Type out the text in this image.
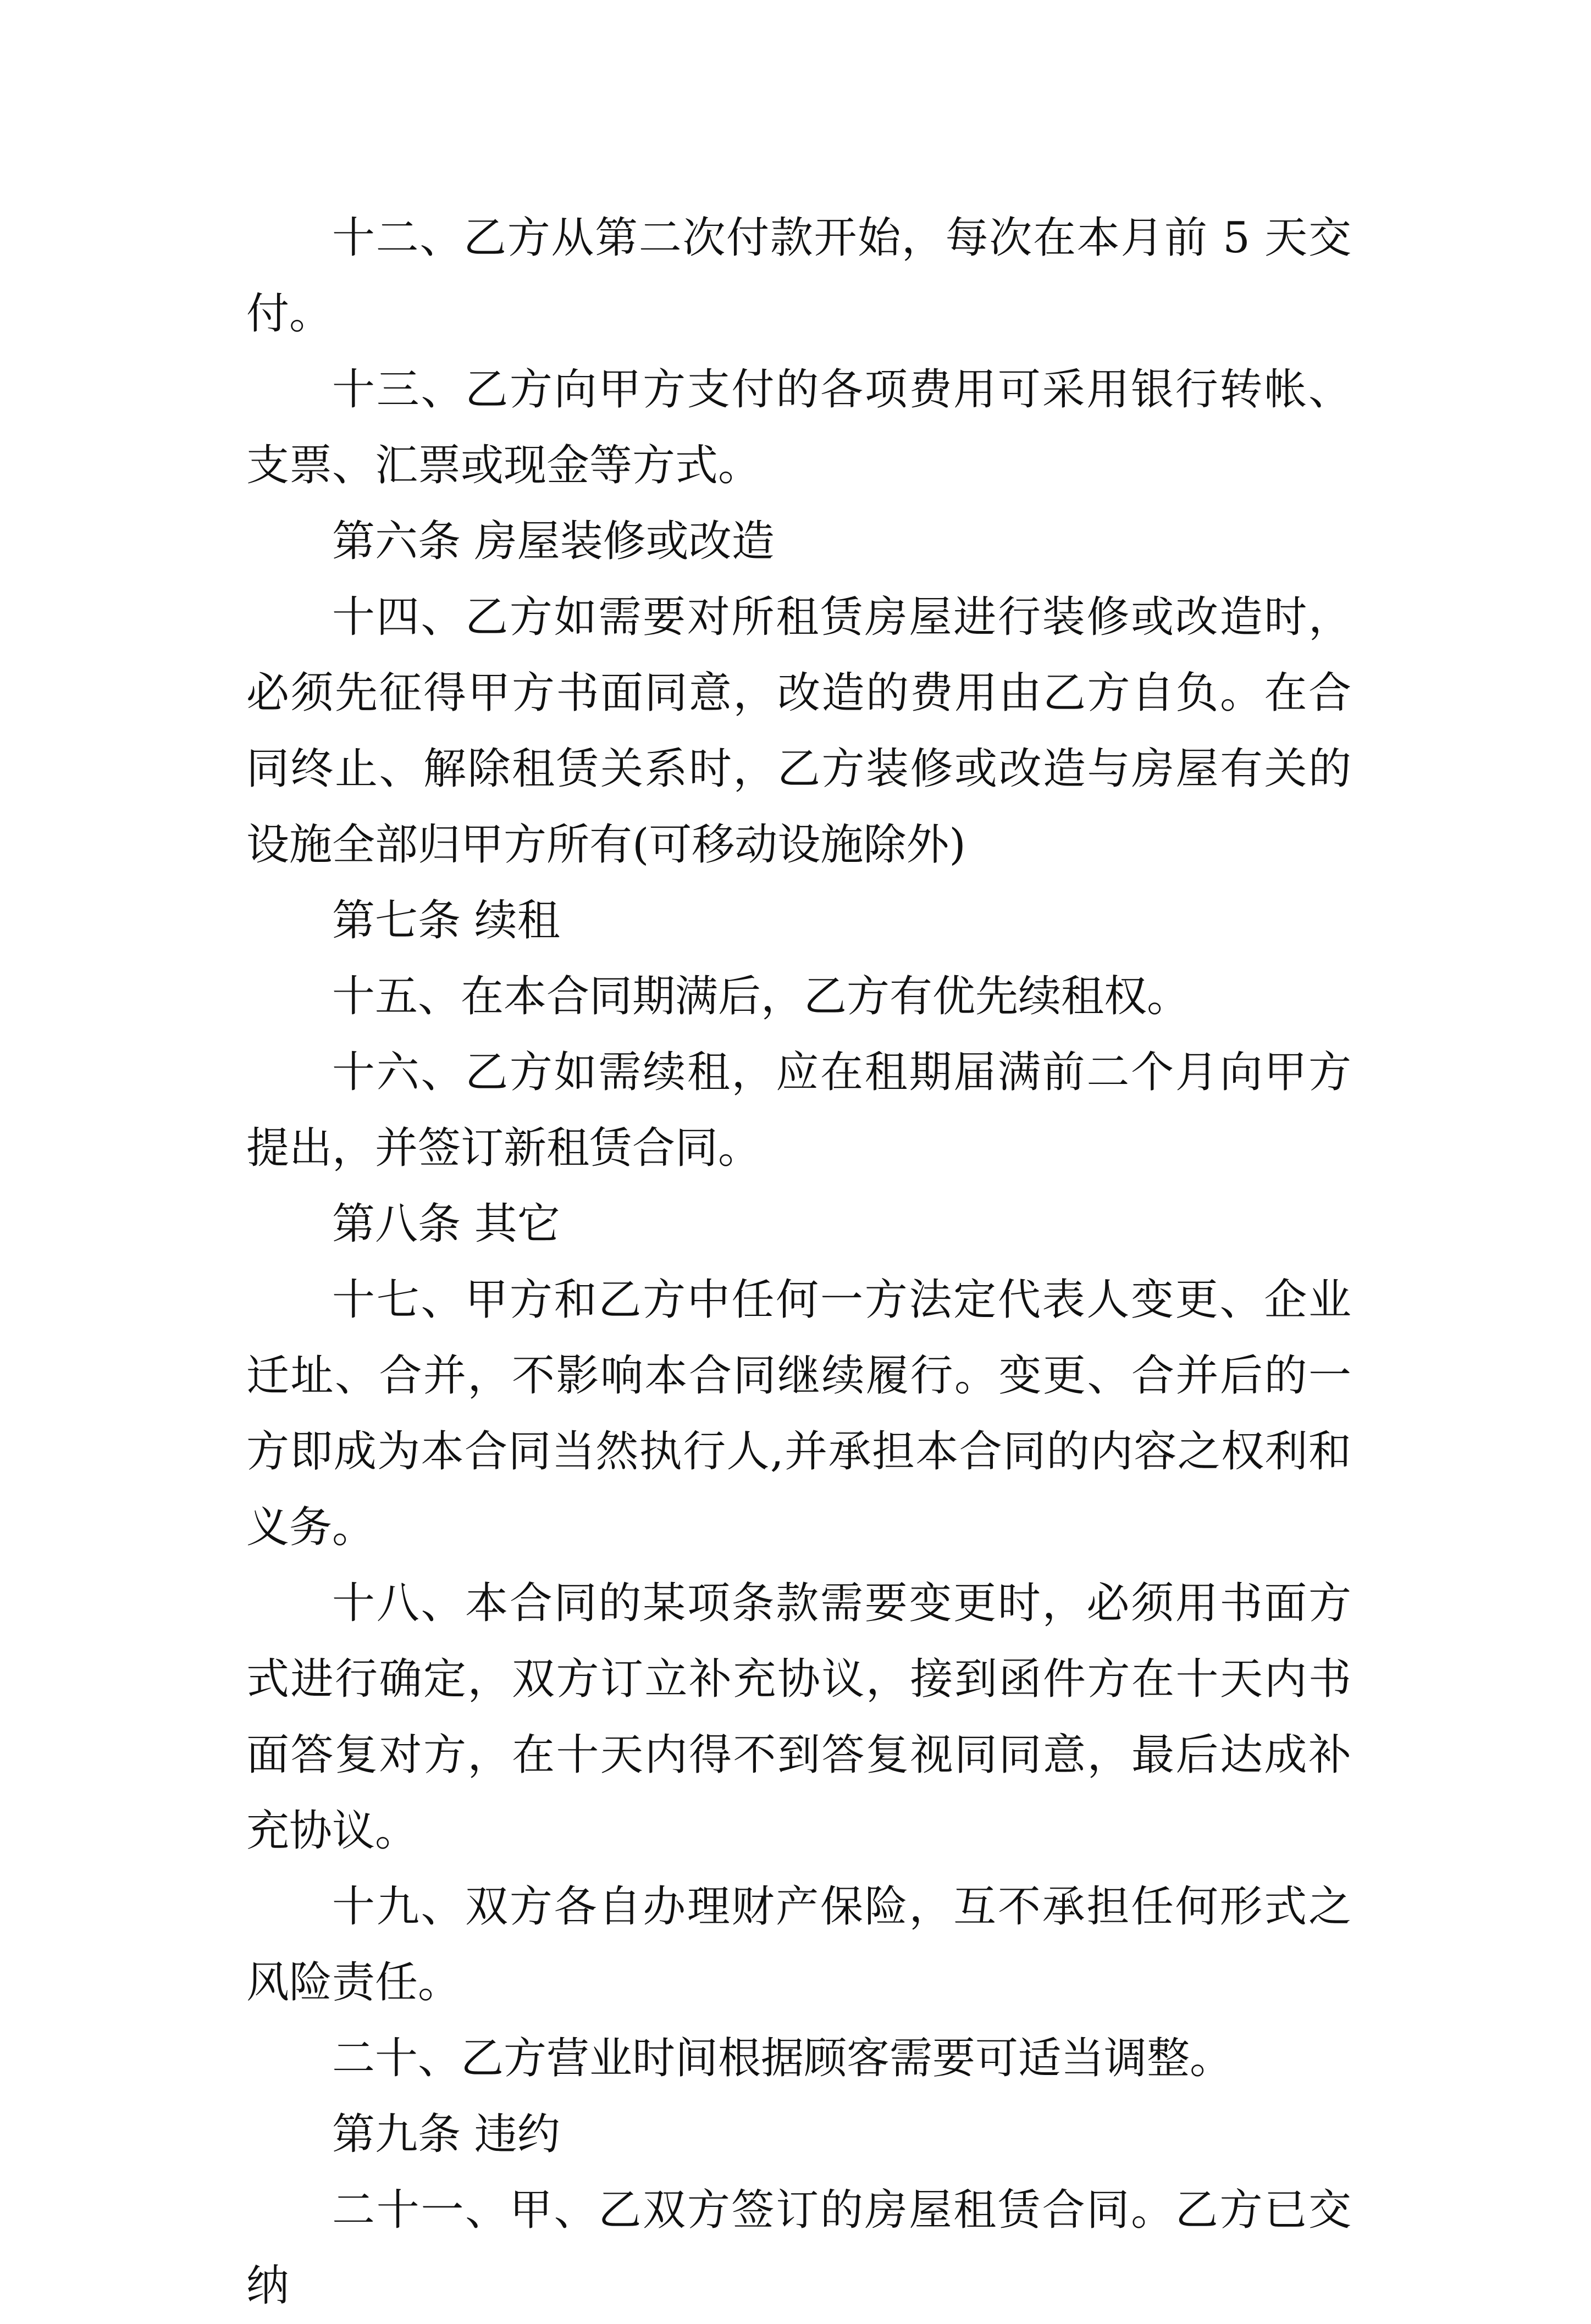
十二、乙方从第二次付款开始，每次在本月前 5 天交付。

十三、乙方向甲方支付的各项费用可采用银行转帐、支票、汇票或现金等方式。

第六条 房屋装修或改造

十四、乙方如需要对所租赁房屋进行装修或改造时，必须先征得甲方书面同意，改造的费用由乙方自负。在合同终止、解除租赁关系时，乙方装修或改造与房屋有关的设施全部归甲方所有(可移动设施除外)

第七条 续租

十五、在本合同期满后，乙方有优先续租权。

十六、乙方如需续租，应在租期届满前二个月向甲方提出，并签订新租赁合同。

第八条 其它

十七、甲方和乙方中任何一方法定代表人变更、企业迁址、合并，不影响本合同继续履行。变更、合并后的一方即成为本合同当然执行人,并承担本合同的内容之权利和义务。

十八、本合同的某项条款需要变更时，必须用书面方式进行确定，双方订立补充协议，接到函件方在十天内书面答复对方，在十天内得不到答复视同同意，最后达成补充协议。

十九、双方各自办理财产保险，互不承担任何形式之风险责任。

二十、乙方营业时间根据顾客需要可适当调整。

第九条 违约

二十一、甲、乙双方签订的房屋租赁合同。乙方已交纳
